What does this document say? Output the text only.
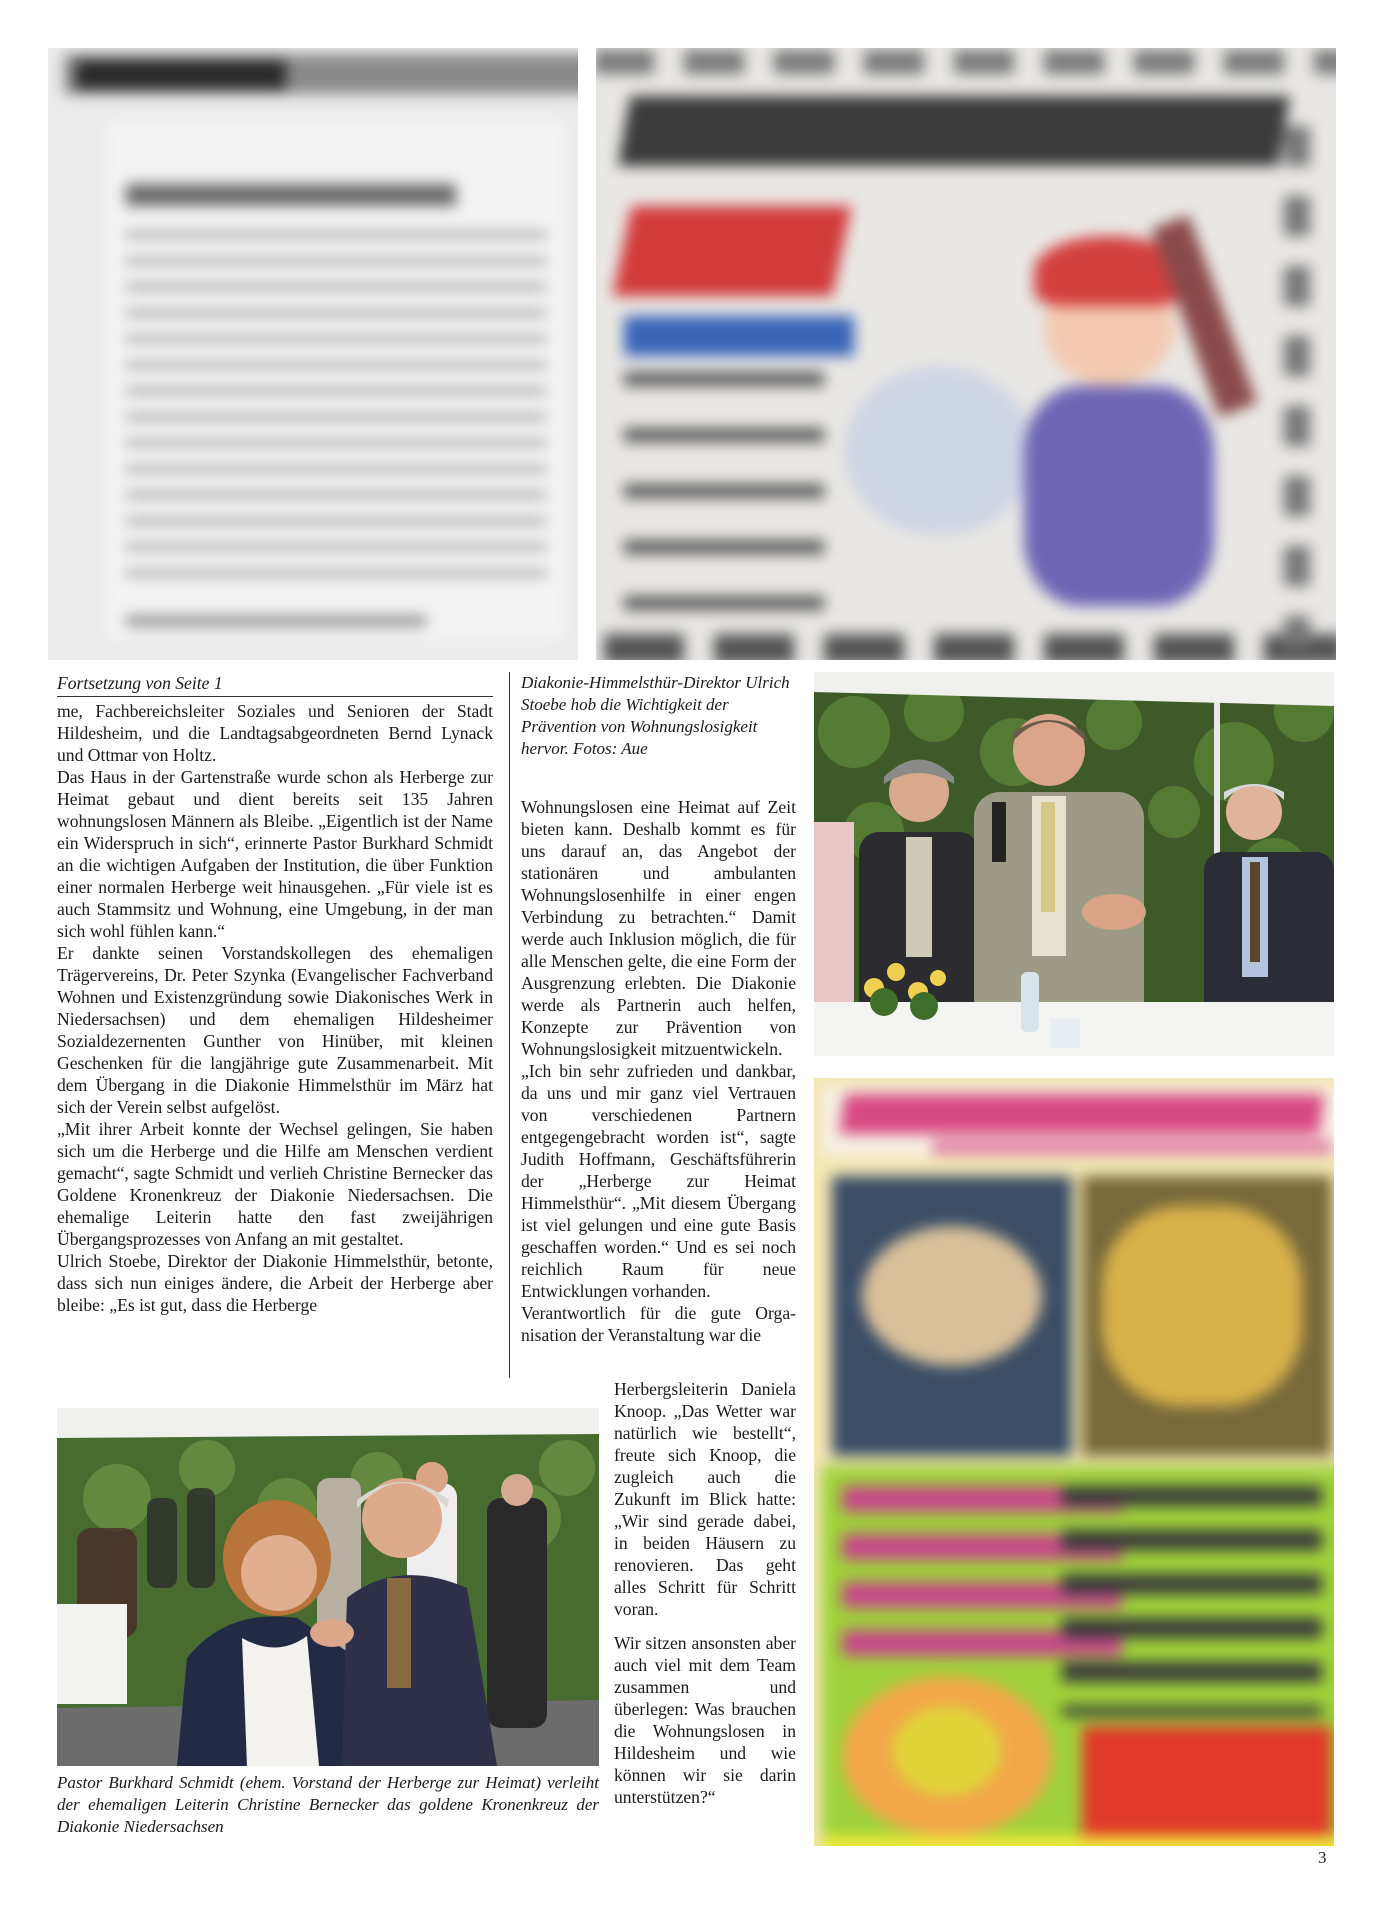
Fortsetzung von Seite 1

me, Fachbereichsleiter Soziales und Senioren der Stadt Hildesheim, und die Landtagsabgeordneten Bernd Lynack und Ottmar von Holtz.

Das Haus in der Gartenstraße wurde schon als Herberge zur Heimat gebaut und dient bereits seit 135 Jahren wohnungslosen Männern als Bleibe. „Eigentlich ist der Name ein Widerspruch in sich“, erinnerte Pastor Burkhard Schmidt an die wichtigen Aufgaben der Institution, die über Funktion einer normalen Herberge weit hinausgehen. „Für viele ist es auch Stammsitz und Wohnung, eine Umgebung, in der man sich wohl fühlen kann.“

Er dankte seinen Vorstandskollegen des ehemaligen Trägervereins, Dr. Peter Szynka (Evangelischer Fachverband Wohnen und Existenzgründung sowie Diakonisches Werk in Niedersachsen) und dem ehemaligen Hildesheimer Sozialdezernenten Gunther von Hinüber, mit kleinen Geschenken für die langjährige gute Zusammenarbeit. Mit dem Übergang in die Diakonie Himmelsthür im März hat sich der Verein selbst aufgelöst.

„Mit ihrer Arbeit konnte der Wechsel gelingen, Sie haben sich um die Herberge und die Hilfe am Menschen verdient gemacht“, sagte Schmidt und verlieh Christine Bernecker das Goldene Kronenkreuz der Diakonie Niedersachsen. Die ehemalige Leiterin hatte den fast zweijährigen Übergangsprozesses von Anfang an mit gestaltet.

Ulrich Stoebe, Direktor der Diakonie Himmelsthür, betonte, dass sich nun einiges ändere, die Arbeit der Herberge aber bleibe: „Es ist gut, dass die Herberge

Diakonie-Himmelsthür-Direktor Ulrich Stoebe hob die Wichtigkeit der Prävention von Wohnungslosigkeit hervor. Fotos: Aue

Wohnungslosen eine Heimat auf Zeit bieten kann. Deshalb kommt es für uns darauf an, das Angebot der stationären und ambulanten Wohnungslosenhilfe in einer engen Verbindung zu betrachten.“ Damit werde auch Inklusion möglich, die für alle Menschen gelte, die eine Form der Ausgrenzung erlebten. Die Diakonie werde als Partnerin auch helfen, Konzepte zur Prävention von Wohnungslosigkeit mitzuentwickeln.

„Ich bin sehr zufrieden und dankbar, da uns und mir ganz viel Vertrauen von verschiedenen Partnern entgegengebracht worden ist“, sagte Judith Hoffmann, Geschäftsführerin der „Herberge zur Heimat Himmelsthür“. „Mit diesem Übergang ist viel gelungen und eine gute Basis geschaffen worden.“ Und es sei noch reichlich Raum für neue Entwicklungen vorhanden.

Verantwortlich für die gute Organisation der Veranstaltung war die

Herbergsleiterin Daniela Knoop. „Das Wetter war natürlich wie bestellt“, freute sich Knoop, die zugleich auch die Zukunft im Blick hatte: „Wir sind gerade dabei, in beiden Häusern zu renovieren. Das geht alles Schritt für Schritt voran.

Wir sitzen ansonsten aber auch viel mit dem Team zusammen und überlegen: Was brauchen die Wohnungslosen in Hildesheim und wie können wir sie darin unterstützen?“

Pastor Burkhard Schmidt (ehem. Vorstand der Herberge zur Heimat) verleiht der ehemaligen Leiterin Christine Bernecker das goldene Kronenkreuz der Diakonie Niedersachsen
3
